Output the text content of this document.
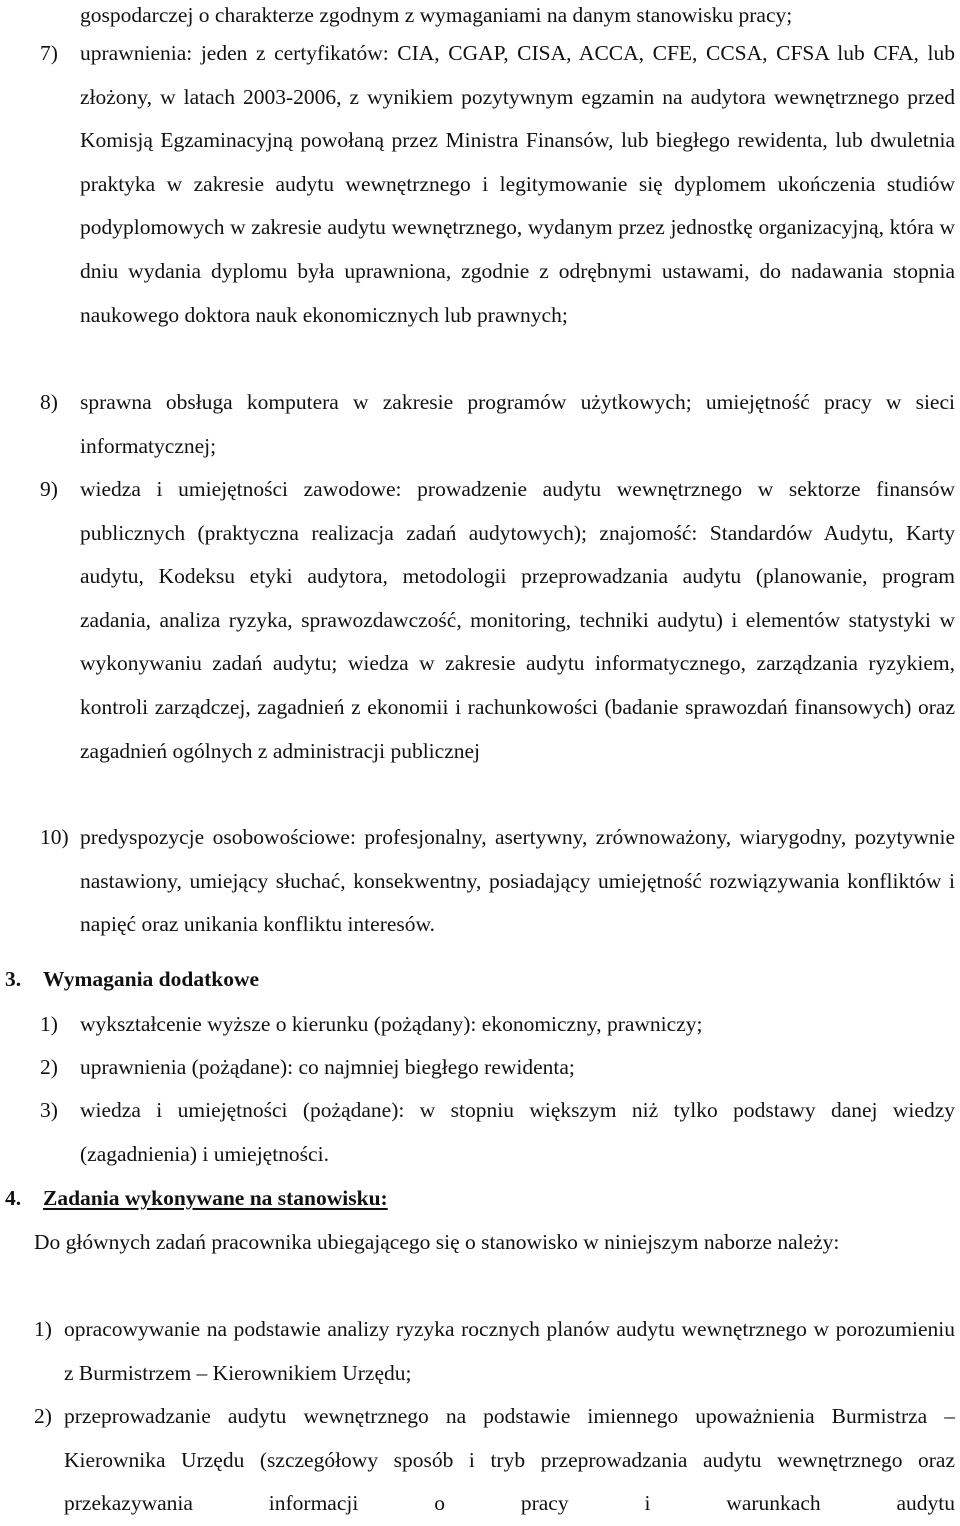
gospodarczej o charakterze zgodnym z wymaganiami na danym stanowisku pracy;
7) uprawnienia: jeden z certyfikatów: CIA, CGAP, CISA, ACCA, CFE, CCSA, CFSA lub CFA, lub złożony, w latach 2003-2006, z wynikiem pozytywnym egzamin na audytora wewnętrznego przed Komisją Egzaminacyjną powołaną przez Ministra Finansów, lub biegłego rewidenta, lub dwuletnia praktyka w zakresie audytu wewnętrznego i legitymowanie się dyplomem ukończenia studiów podyplomowych w zakresie audytu wewnętrznego, wydanym przez jednostkę organizacyjną, która w dniu wydania dyplomu była uprawniona, zgodnie z odrębnymi ustawami, do nadawania stopnia naukowego doktora nauk ekonomicznych lub prawnych;
8) sprawna obsługa komputera w zakresie programów użytkowych; umiejętność pracy w sieci informatycznej;
9) wiedza i umiejętności zawodowe: prowadzenie audytu wewnętrznego w sektorze finansów publicznych (praktyczna realizacja zadań audytowych); znajomość: Standardów Audytu, Karty audytu, Kodeksu etyki audytora, metodologii przeprowadzania audytu (planowanie, program zadania, analiza ryzyka, sprawozdawczość, monitoring, techniki audytu) i elementów statystyki w wykonywaniu zadań audytu; wiedza w zakresie audytu informatycznego, zarządzania ryzykiem, kontroli zarządczej, zagadnień z ekonomii i rachunkowości (badanie sprawozdań finansowych) oraz zagadnień ogólnych z administracji publicznej
10) predyspozycje osobowościowe: profesjonalny, asertywny, zrównoważony, wiarygodny, pozytywnie nastawiony, umiejący słuchać, konsekwentny, posiadający umiejętność rozwiązywania konfliktów i napięć oraz unikania konfliktu interesów.
3. Wymagania dodatkowe
1) wykształcenie wyższe o kierunku (pożądany): ekonomiczny, prawniczy;
2) uprawnienia (pożądane): co najmniej biegłego rewidenta;
3) wiedza i umiejętności (pożądane): w stopniu większym niż tylko podstawy danej wiedzy (zagadnienia) i umiejętności.
4. Zadania wykonywane na stanowisku:
Do głównych zadań pracownika ubiegającego się o stanowisko w niniejszym naborze należy:
1) opracowywanie na podstawie analizy ryzyka rocznych planów audytu wewnętrznego w porozumieniu z Burmistrzem – Kierownikiem Urzędu;
2) przeprowadzanie audytu wewnętrznego na podstawie imiennego upoważnienia Burmistrza – Kierownika Urzędu (szczegółowy sposób i tryb przeprowadzania audytu wewnętrznego oraz przekazywania informacji o pracy i warunkach audytu
